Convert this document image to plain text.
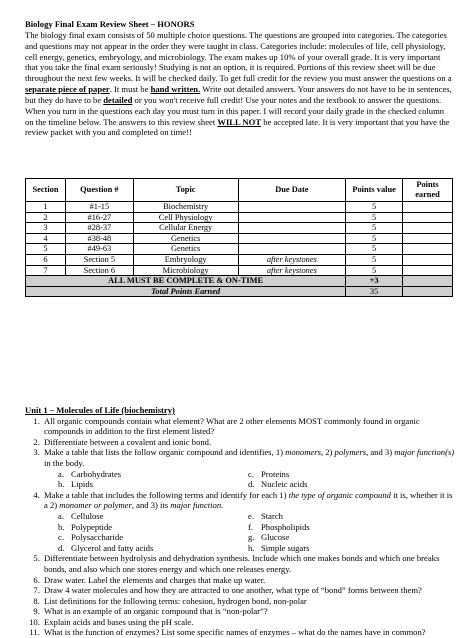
Biology Final Exam Review Sheet – HONORS

The biology final exam consists of 50 multiple choice questions. The questions are grouped into categories. The categories and questions may not appear in the order they were taught in class. Categories include: molecules of life, cell physiology, cell energy, genetics, embryology, and microbiology. The exam makes up 10% of your overall grade. It is very important that you take the final exam seriously! Studying is not an option, it is required. Portions of this review sheet will be due throughout the next few weeks. It will be checked daily. To get full credit for the review you must answer the questions on a separate piece of paper. It must be hand written. Write out detailed answers. Your answers do not have to be in sentences, but they do have to be detailed or you won't receive full credit! Use your notes and the textbook to answer the questions. When you turn in the questions each day you must turn in this paper. I will record your daily grade in the checked column on the timeline below. The answers to this review sheet WILL NOT be accepted late. It is very important that you have the review packet with you and completed on time!!

Section	Question #	Topic	Due Date	Points value	Points earned
1	#1-15	Biochemistry		5	
2	#16-27	Cell Physiology		5	
3	#28-37	Cellular Energy		5	
4	#38-48	Genetics		5	
5	#49-63	Genetics		5	
6	Section 5	Embryology	after keystones	5	
7	Section 6	Microbiology	after keystones	5	
ALL MUST BE COMPLETE & ON-TIME				+3	
Total Points Earned				35	
Unit 1 – Molecules of Life (biochemistry)
1. All organic compounds contain what element? What are 2 other elements MOST commonly found in organic compounds in addition to the first element listed?
2. Differentiate between a covalent and ionic bond.
3. Make a table that lists the follow organic compound and identifies, 1) monomers, 2) polymers, and 3) major function(s) in the body.
a. Carbohydrates
b. Lipids
c. Proteins
d. Nucleic acids
4. Make a table that includes the following terms and identify for each 1) the type of organic compound it is, whether it is a 2) monomer or polymer, and 3) its major function.
a. Cellulose
b. Polypeptide
c. Polysaccharide
d. Glycerol and fatty acids
e. Starch
f. Phospholipids
g. Glucose
h. Simple sugars
5. Differentiate between hydrolysis and dehydration synthesis. Include which one makes bonds and which one breaks bonds, and also which one stores energy and which one releases energy.
6. Draw water. Label the elements and charges that make up water.
7. Draw 4 water molecules and how they are attracted to one another, what type of “bond” forms between them?
8. List definitions for the following terms: cohesion, hydrogen bond, non-polar
9. What is an example of an organic compound that is “non-polar”?
10. Explain acids and bases using the pH scale.
11. What is the function of enzymes? List some specific names of enzymes – what do the names have in common?
